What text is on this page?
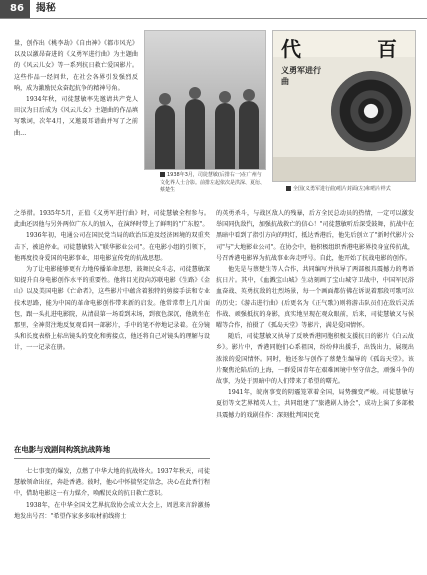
86	揭秘

量，创作出《桃李劫》《自由神》《都市风光》以及以激昂奋进的《义勇军进行曲》为主题曲的《风云儿女》等一系列抗日救亡爱国影片。这些作品一经问世，在社会各界引发强烈反响，成为激励民众奋起抗争的精神号角。

1934年秋，司徒慧敏率先邀请共产党人田汉为日后成为《风云儿女》主题曲的作品填写歌词，次年4月，又邀聂耳谱曲并写了之前曲…

1938年3月，司徒慧敏(后排右一)在广州与文化界人士合影。前排左起依次是洪深、夏衍、蔡楚生
代	百
义勇军进行曲
全国(义勇军进行曲)唱片封面(左)和唱片样式

之举措。1935年5月，正值《义勇军进行曲》时，司徒慧敏全程参与。此曲还因他与另外两位广东人的加入，在演绎时带上了鲜明的"广东腔"。

1936年初，电通公司在国民党当局的政治压迫及经济困境的双重夹击下，被迫停业。司徒慧敏转入"联华影业公司"。在电影小组的引领下，他再度投身爱国的电影事业，用电影宣传党的抗战思想。

为了让电影能够更有力地传播革命思想，鼓舞民众斗志，司徒慧敏深知提升自身电影创作水平的重要性。他将目光投向苏联电影《生路》《金山》以及美国电影《亡命者》，这些影片中蕴含着独特的剪接手法和专业技术思路，能为中国的革命电影创作带来新的启发。他常常带上几片面包，跟一头扎进电影院，从清晨第一场看到末场，到夜色深沉，他就坐在那里，全神贯注地反复观看同一部影片，手中的笔不停地记录着。在分镜头和长度表格上标出镜头的变化和剪接点，他还将自己对镜头的理解与设计，一一记录在册。

在电影与戏剧间构筑抗战阵地

七七事变的爆发，点燃了中华大地的抗战烽火。1937年秋天，司徒慧敏领命出征，奔赴香港。彼时，他心中怀揣坚定信念，决心在此香行程中，借助电影这一有力媒介，唤醒民众的抗日救亡意识。

1938年，在中华全国文艺界抗敌协会成立大会上，周恩来言辞激扬地发出号召："希望作家多多取材前线将士

的英勇杀斗，与战区敌人的残暴，后方全民总动员的热情，一定可以激发举国同仇敌忾，加强抗战救亡的信心！"司徒慧敏听后深受鼓舞，抗战中在黑暗中看到了指引方向的明灯，抵达香港后，他先后创立了"新时代影片公司"与"大地影业公司"。在协会中，他积极组织香港电影界投身宣传抗战，号召香港电影界为抗战事业奔走呼号。自此，他开始了抗战电影的创作。

他先是与蔡楚生等人合作，共同编写并执导了两部极具震撼力的粤语抗日片。其中，《血溅宝山城》生动刻画了宝山城守卫战中，中国军民浴血奋战、英勇抗敌的壮烈场景，每一个画面都仿佛在诉说着那段可歌可泣的历史；《游击进行曲》(后更名为《正气歌》)则将游击队员们在敌后灵活作战、顽强抵抗的身影，真实地呈现在观众眼前，后来，司徒慧敏又与侯曜等合作，拍摄了《孤岛天堂》等影片，满是爱国情怀。

随后，司徒慧敏又执导了反映香港同胞积极支援抗日的影片《白云故乡》。影片中，香港同胞们心系祖国，纷纷伸出援手，出钱出力，展现出浓浓的爱国情怀。同时，他还参与创作了蔡楚生编导的《孤岛天堂》。该片聚焦沦陷后的上海，一群爱国青年在艰难困境中坚守信念，顽强斗争的故事，为处于黑暗中的人们带来了希望的曙光。

1941年，皖南事变的阴霾笼罩着全国，局势骤变严峻。司徒慧敏与夏衍等文艺界精英人士，共同组建了"旅港剧人协会"，成功上演了多部极具震撼力的戏剧佳作：深刻批判国民党
